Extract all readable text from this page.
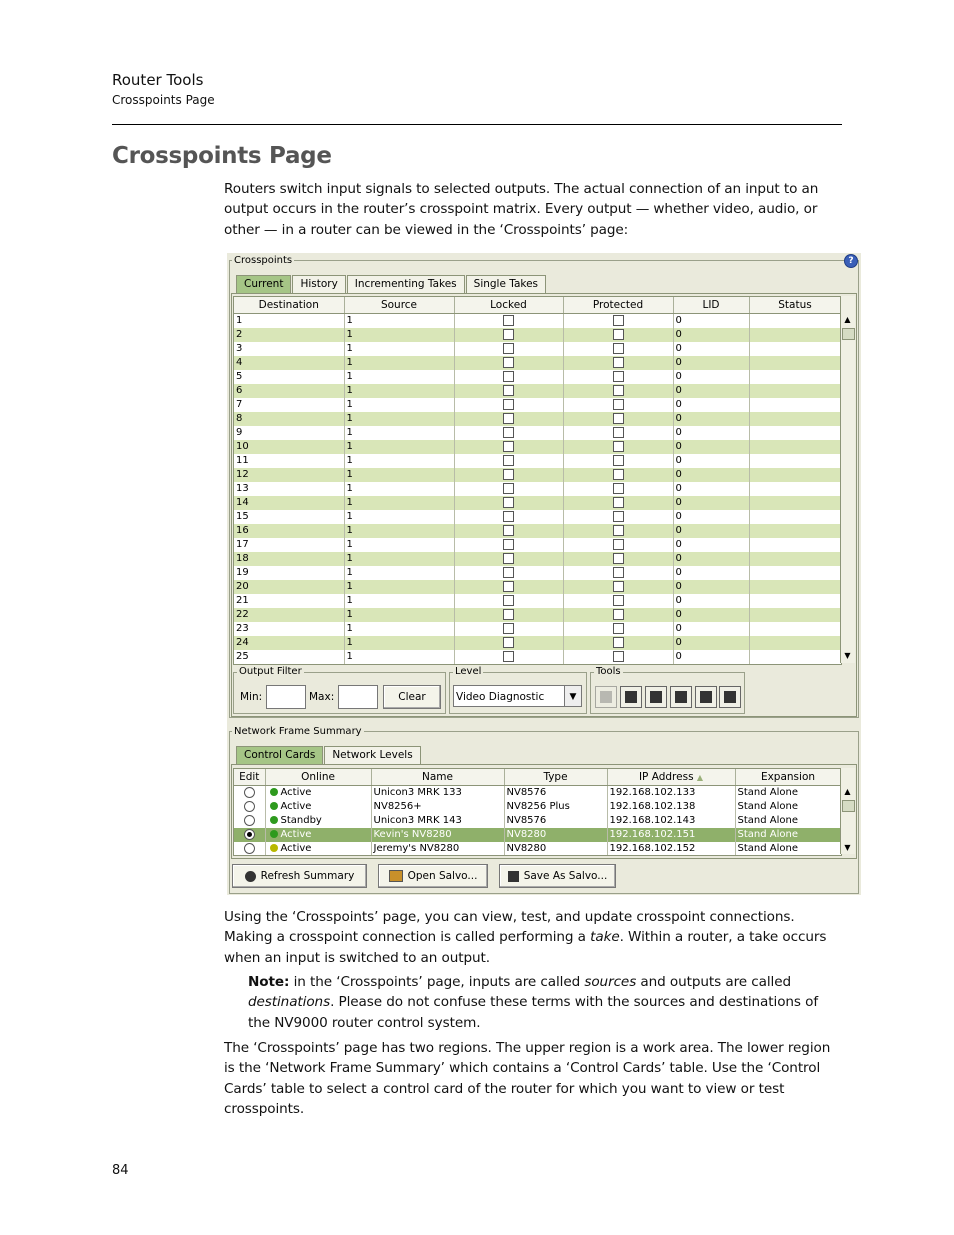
Router Tools
Crosspoints Page
Crosspoints Page
Routers switch input signals to selected outputs. The actual connection of an input to an output occurs in the router’s crosspoint matrix. Every output — whether video, audio, or other — in a router can be viewed in the ‘Crosspoints’ page:
Crosspoints	?
Current	History	Incrementing Takes	Single Takes
Destination	Source	Locked	Protected	LID	Status
1	1			0	
2	1			0	
3	1			0	
4	1			0	
5	1			0	
6	1			0	
7	1			0	
8	1			0	
9	1			0	
10	1			0	
11	1			0	
12	1			0	
13	1			0	
14	1			0	
15	1			0	
16	1			0	
17	1			0	
18	1			0	
19	1			0	
20	1			0	
21	1			0	
22	1			0	
23	1			0	
24	1			0	
25	1			0	
▲
▼
Output Filter
Min:	Max:	Clear
Level
Video Diagnostic	▼
Tools
Network Frame Summary
Control Cards	Network Levels
Edit	Online	Name	Type	IP Address ▲	Expansion
	Active	Unicon3 MRK 133	NV8576	192.168.102.133	Stand Alone
	Active	NV8256+	NV8256 Plus	192.168.102.138	Stand Alone
	Standby	Unicon3 MRK 143	NV8576	192.168.102.143	Stand Alone
	Active	Kevin's NV8280	NV8280	192.168.102.151	Stand Alone
	Active	Jeremy's NV8280	NV8280	192.168.102.152	Stand Alone
▲
▼
Refresh Summary	Open Salvo...	Save As Salvo...
Using the ‘Crosspoints’ page, you can view, test, and update crosspoint connections. Making a crosspoint connection is called performing a take. Within a router, a take occurs when an input is switched to an output.
Note: in the ‘Crosspoints’ page, inputs are called sources and outputs are called destinations. Please do not confuse these terms with the sources and destinations of the NV9000 router control system.
The ‘Crosspoints’ page has two regions. The upper region is a work area. The lower region is the ‘Network Frame Summary’ which contains a ‘Control Cards’ table. Use the ‘Control Cards’ table to select a control card of the router for which you want to view or test crosspoints.
84
